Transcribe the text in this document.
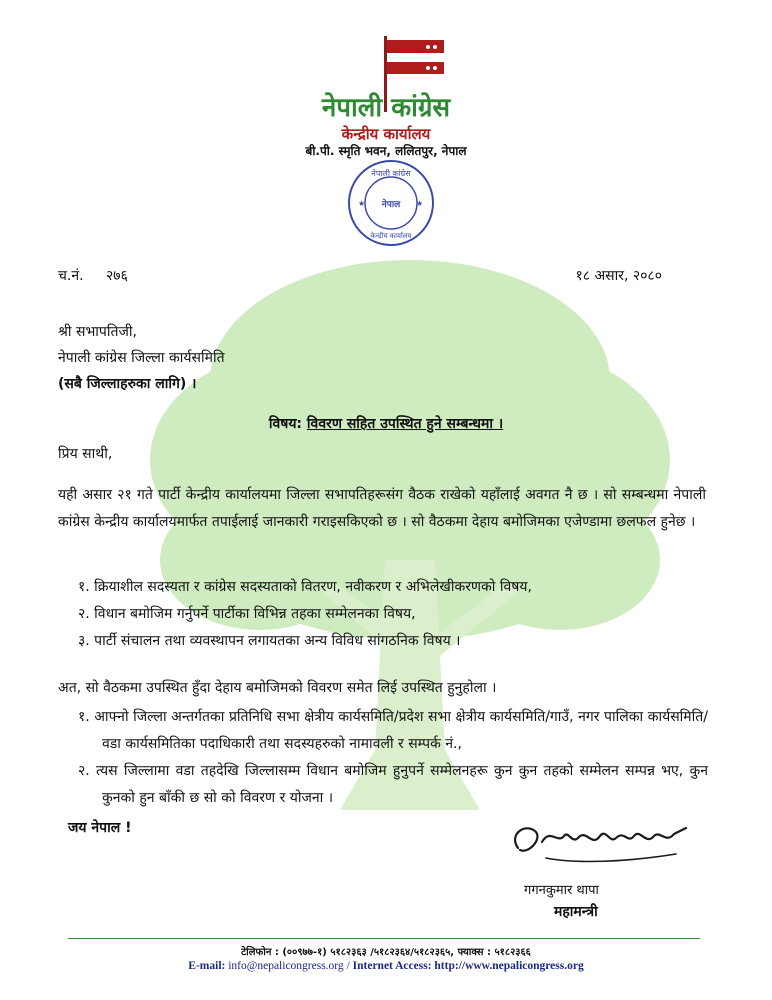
नेपाली कांग्रेस
केन्द्रीय कार्यालय
बी.पी. स्मृति भवन, ललितपुर, नेपाल
★	★
नेपाली कांग्रेस
नेपाल
केन्द्रीय कार्यालय
च.नं. २७६	१८ असार, २०८०
श्री सभापतिजी,
नेपाली कांग्रेस जिल्ला कार्यसमिति
(सबै जिल्लाहरुका लागि) ।
विषय: विवरण सहित उपस्थित हुने सम्बन्धमा ।
प्रिय साथी,
यही असार २१ गते पार्टी केन्द्रीय कार्यालयमा जिल्ला सभापतिहरूसंग वैठक राखेको यहाँलाई अवगत नै छ । सो सम्बन्धमा नेपाली कांग्रेस केन्द्रीय कार्यालयमार्फत तपाईलाई जानकारी गराइसकिएको छ । सो वैठकमा देहाय बमोजिमका एजेण्डामा छलफल हुनेछ ।
१. क्रियाशील सदस्यता र कांग्रेस सदस्यताको वितरण, नवीकरण र अभिलेखीकरणको विषय,
२. विधान बमोजिम गर्नुपर्ने पार्टीका विभिन्न तहका सम्मेलनका विषय,
३. पार्टी संचालन तथा व्यवस्थापन लगायतका अन्य विविध सांगठनिक विषय ।
अत, सो वैठकमा उपस्थित हुँदा देहाय बमोजिमको विवरण समेत लिई उपस्थित हुनुहोला ।
१. आफ्नो जिल्ला अन्तर्गतका प्रतिनिधि सभा क्षेत्रीय कार्यसमिति/प्रदेश सभा क्षेत्रीय कार्यसमिति/गाउँ, नगर पालिका कार्यसमिति/वडा कार्यसमितिका पदाधिकारी तथा सदस्यहरुको नामावली र सम्पर्क नं.,
२. त्यस जिल्लामा वडा तहदेखि जिल्लासम्म विधान बमोजिम हुनुपर्ने सम्मेलनहरू कुन कुन तहको सम्मेलन सम्पन्न भए, कुन कुनको हुन बाँकी छ सो को विवरण र योजना ।
जय नेपाल !
गगनकुमार थापा
महामन्त्री
टेलिफोन : (००९७७-१) ५१८२३६३ /५१८२३६४/५१८२३६५, फ्याक्स : ५१८२३६६
E-mail: info@nepalicongress.org / Internet Access: http://www.nepalicongress.org
